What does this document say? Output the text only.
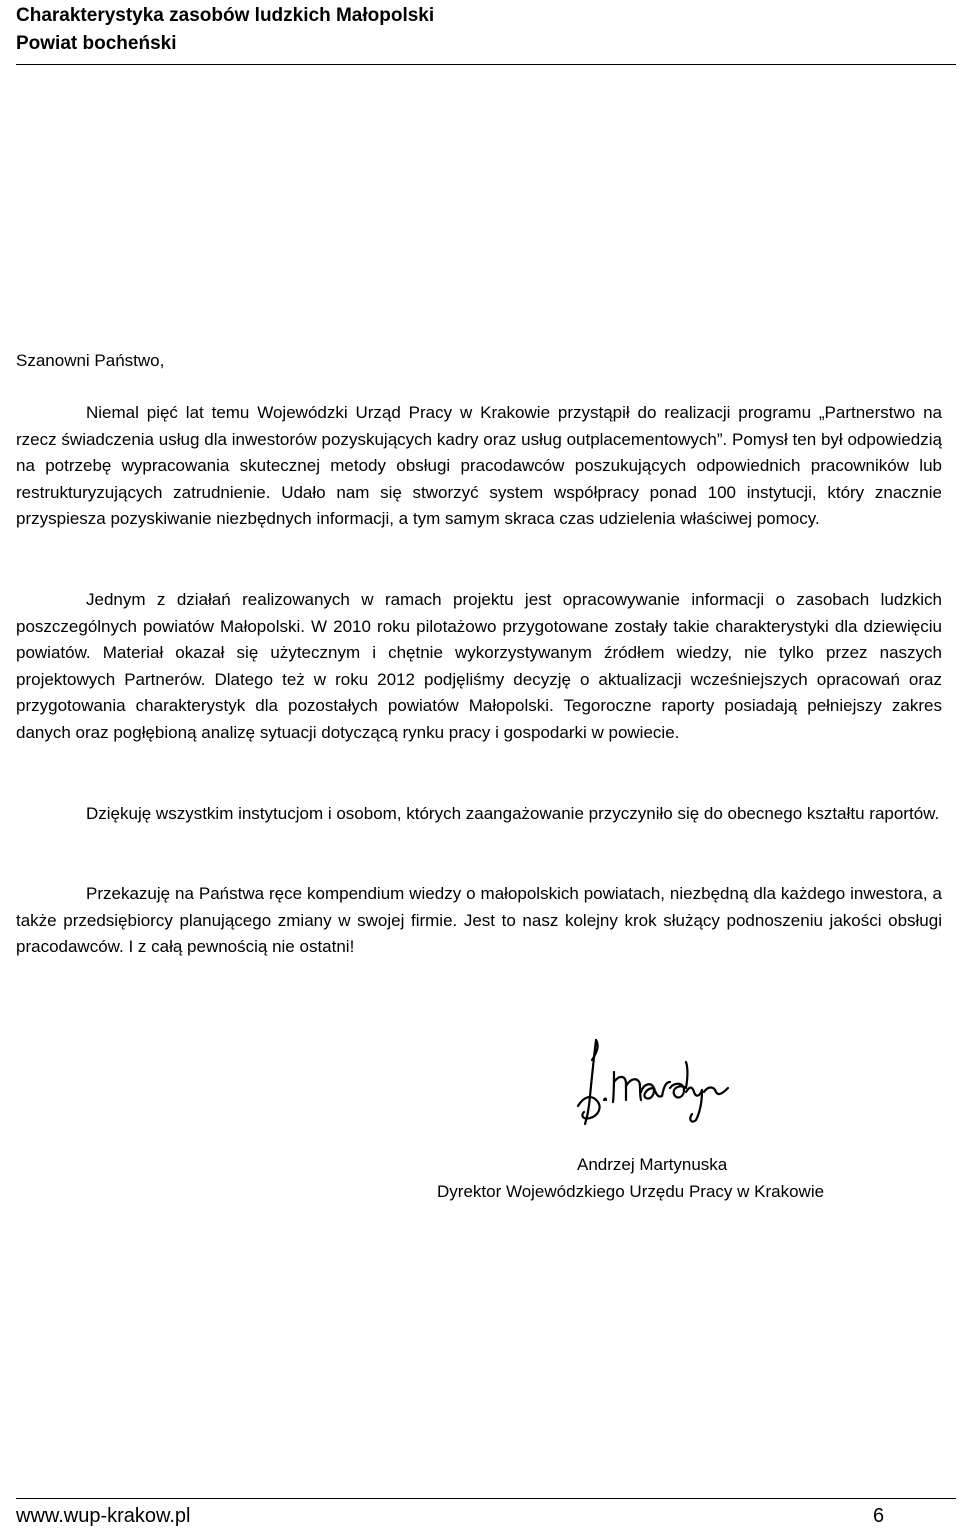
Charakterystyka zasobów ludzkich Małopolski
Powiat bocheński
Szanowni Państwo,
Niemal pięć lat temu Wojewódzki Urząd Pracy w Krakowie przystąpił do realizacji programu „Partnerstwo na rzecz świadczenia usług dla inwestorów pozyskujących kadry oraz usług outplacementowych”. Pomysł ten był odpowiedzią na potrzebę wypracowania skutecznej metody obsługi pracodawców poszukujących odpowiednich pracowników lub restrukturyzujących zatrudnienie. Udało nam się stworzyć system współpracy ponad 100 instytucji, który znacznie przyspiesza pozyskiwanie niezbędnych informacji, a tym samym skraca czas udzielenia właściwej pomocy.
Jednym z działań realizowanych w ramach projektu jest opracowywanie informacji o zasobach ludzkich poszczególnych powiatów Małopolski. W 2010 roku pilotażowo przygotowane zostały takie charakterystyki dla dziewięciu powiatów. Materiał okazał się użytecznym i chętnie wykorzystywanym źródłem wiedzy, nie tylko przez naszych projektowych Partnerów. Dlatego też w roku 2012 podjęliśmy decyzję o aktualizacji wcześniejszych opracowań oraz przygotowania charakterystyk dla pozostałych powiatów Małopolski. Tegoroczne raporty posiadają pełniejszy zakres danych oraz pogłębioną analizę sytuacji dotyczącą rynku pracy i gospodarki w powiecie.
Dziękuję wszystkim instytucjom i osobom, których zaangażowanie przyczyniło się do obecnego kształtu raportów.
Przekazuję na Państwa ręce kompendium wiedzy o małopolskich powiatach, niezbędną dla każdego inwestora, a także przedsiębiorcy planującego zmiany w swojej firmie. Jest to nasz kolejny krok służący podnoszeniu jakości obsługi pracodawców. I z całą pewnością nie ostatni!
Andrzej Martynuska
Dyrektor Wojewódzkiego Urzędu Pracy w Krakowie
www.wup-krakow.pl	6
